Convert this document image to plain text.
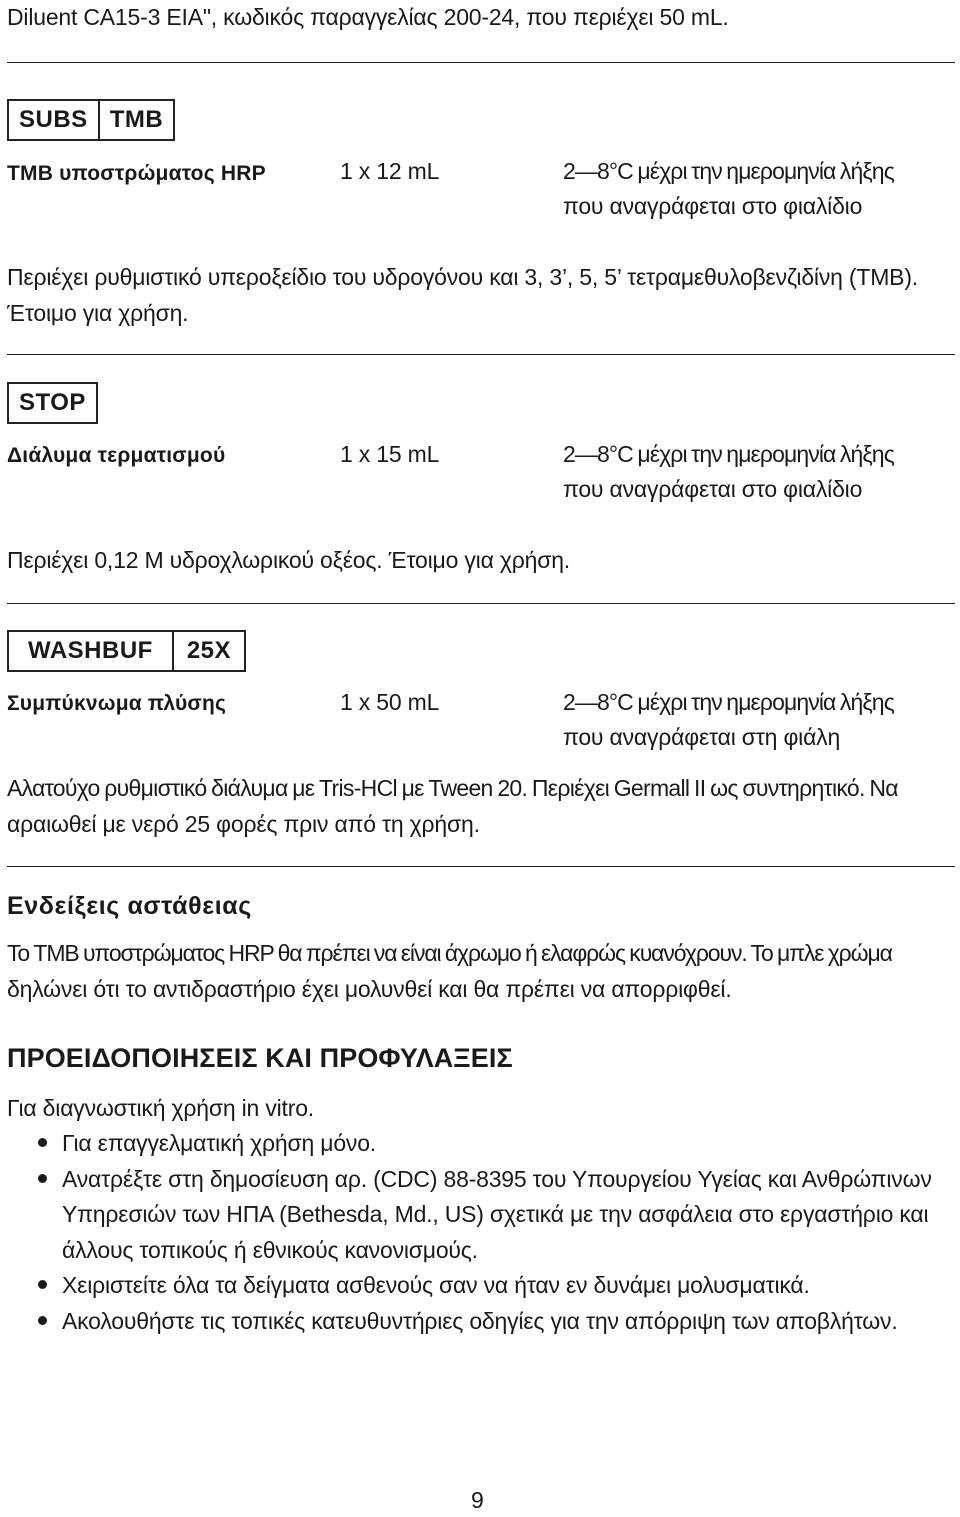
Diluent CA15-3 EIA", κωδικός παραγγελίας 200-24, που περιέχει 50 mL.
SUBS TMB
TMB υποστρώματος HRP	1 x 12 mL	2—8°C μέχρι την ημερομηνία λήξης
που αναγράφεται στο φιαλίδιο
Περιέχει ρυθμιστικό υπεροξείδιο του υδρογόνου και 3, 3’, 5, 5’ τετραμεθυλοβενζιδίνη (TMB).
Έτοιμο για χρήση.
STOP
Διάλυμα τερματισμού	1 x 15 mL	2—8°C μέχρι την ημερομηνία λήξης
που αναγράφεται στο φιαλίδιο
Περιέχει 0,12 M υδροχλωρικού οξέος. Έτοιμο για χρήση.
WASHBUF	25X
Συμπύκνωμα πλύσης	1 x 50 mL	2—8°C μέχρι την ημερομηνία λήξης
που αναγράφεται στη φιάλη
Αλατούχο ρυθμιστικό διάλυμα με Tris-HCl με Tween 20. Περιέχει Germall II ως συντηρητικό. Να
αραιωθεί με νερό 25 φορές πριν από τη χρήση.
Ενδείξεις αστάθειας
Το TMB υποστρώματος HRP θα πρέπει να είναι άχρωμο ή ελαφρώς κυανόχρουν. Το μπλε χρώμα
δηλώνει ότι το αντιδραστήριο έχει μολυνθεί και θα πρέπει να απορριφθεί.
ΠΡΟΕΙΔΟΠΟΙΗΣΕΙΣ ΚΑΙ ΠΡΟΦΥΛΑΞΕΙΣ
Για διαγνωστική χρήση in vitro.
Για επαγγελματική χρήση μόνο.
Ανατρέξτε στη δημοσίευση αρ. (CDC) 88-8395 του Υπουργείου Υγείας και Ανθρώπινων
Υπηρεσιών των ΗΠΑ (Bethesda, Md., US) σχετικά με την ασφάλεια στο εργαστήριο και
άλλους τοπικούς ή εθνικούς κανονισμούς.
Χειριστείτε όλα τα δείγματα ασθενούς σαν να ήταν εν δυνάμει μολυσματικά.
Ακολουθήστε τις τοπικές κατευθυντήριες οδηγίες για την απόρριψη των αποβλήτων.
9
